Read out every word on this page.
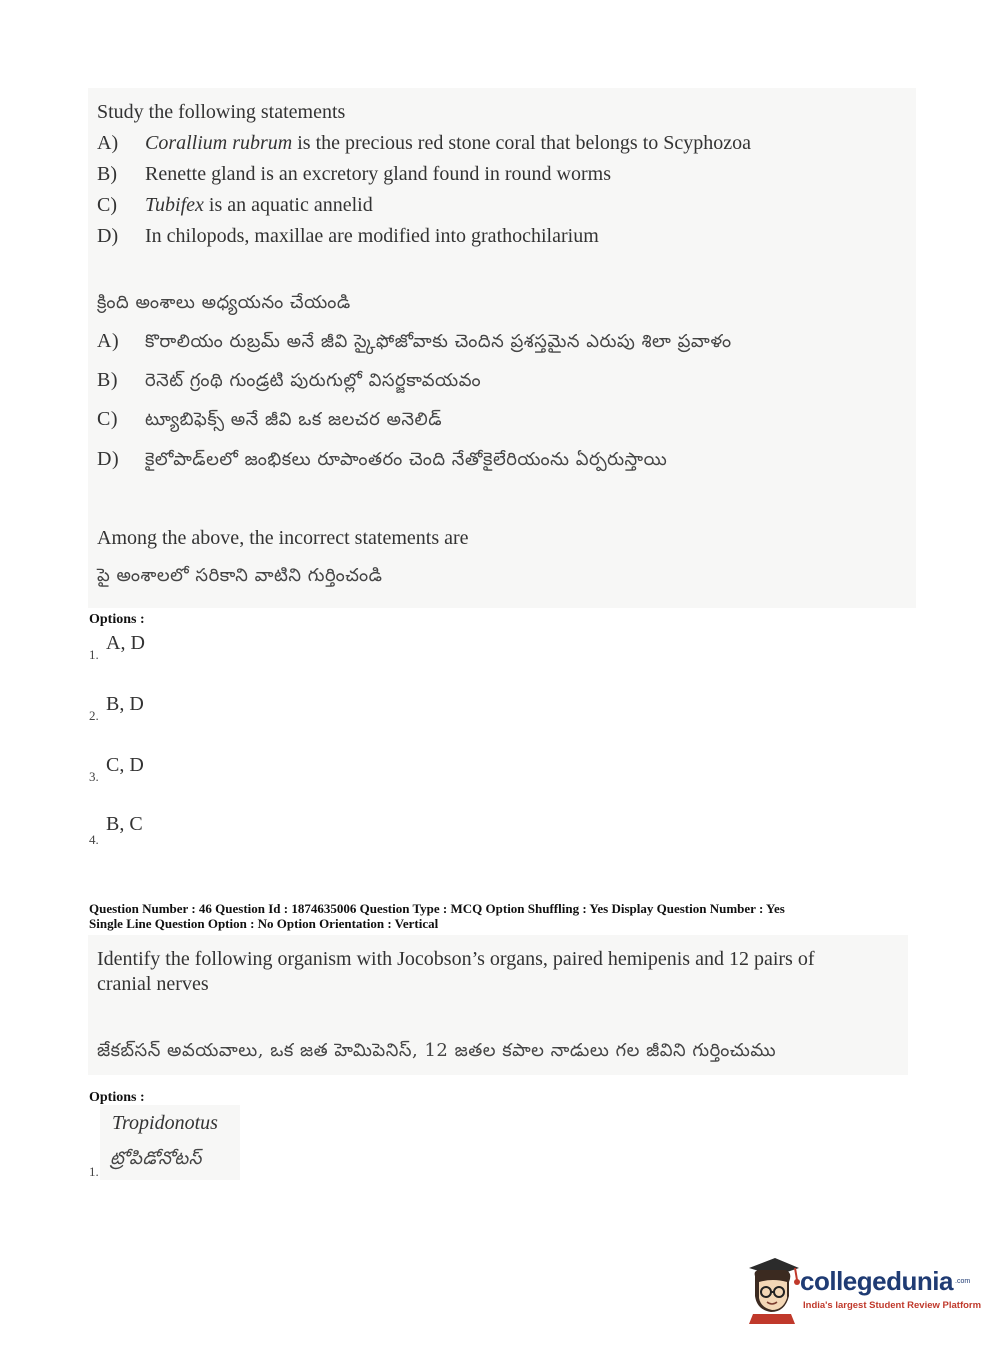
Study the following statements
A) Corallium rubrum is the precious red stone coral that belongs to Scyphozoa
B) Renette gland is an excretory gland found in round worms
C) Tubifex is an aquatic annelid
D) In chilopods, maxillae are modified into grathochilarium
క్రింది అంశాలు అధ్యయనం చేయండి
A) కొరాలియం రుబ్రమ్ అనే జీవి స్కైఫోజోవాకు చెందిన ప్రశస్తమైన ఎరుపు శిలా ప్రవాళం
B) రెనెట్ గ్రంథి గుండ్రటి పురుగుల్లో విసర్జకావయవం
C) ట్యూబిఫెక్స్ అనే జీవి ఒక జలచర అనెలిడ్
D) కైలోపాడ్‌లలో జంభికలు రూపాంతరం చెంది నేతోకైలేరియంను ఏర్పరుస్తాయి
Among the above, the incorrect statements are
పై అంశాలలో సరికాని వాటిని గుర్తించండి
Options :
1.
A, D
2.
B, D
3.
C, D
4.
B, C
Question Number : 46 Question Id : 1874635006 Question Type : MCQ Option Shuffling : Yes Display Question Number : Yes
Single Line Question Option : No Option Orientation : Vertical
Identify the following organism with Jocobson’s organs, paired hemipenis and 12 pairs of
cranial nerves
జేకబ్‌సన్ అవయవాలు, ఒక జత హెమిపెనిస్, 12 జతల కపాల నాడులు గల జీవిని గుర్తించుము
Options :
Tropidonotus
1.
ట్రోపిడోనోటస్
collegedunia .com
India's largest Student Review Platform
